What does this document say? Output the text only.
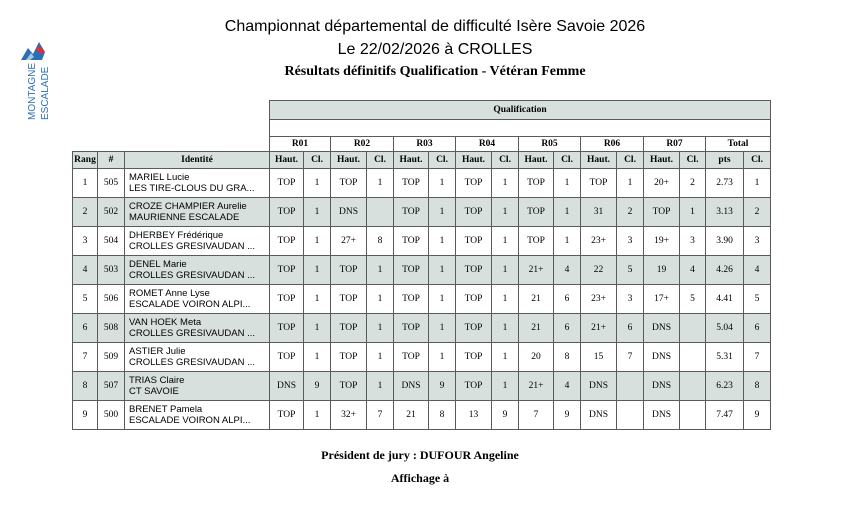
MONTAGNE ESCALADE
Championnat départemental de difficulté Isère Savoie 2026
Le 22/02/2026 à CROLLES
Résultats définitifs Qualification - Vétéran Femme
			Qualification															

			R01		R02		R03		R04		R05		R06		R07		Total	
Rang	#	Identité	Haut.	Cl.	Haut.	Cl.	Haut.	Cl.	Haut.	Cl.	Haut.	Cl.	Haut.	Cl.	Haut.	Cl.	pts	Cl.
1	505	MARIEL Lucie
LES TIRE-CLOUS DU GRA...	TOP	1	TOP	1	TOP	1	TOP	1	TOP	1	TOP	1	20+	2	2.73	1
2	502	CROZE CHAMPIER Aurelie
MAURIENNE ESCALADE	TOP	1	DNS		TOP	1	TOP	1	TOP	1	31	2	TOP	1	3.13	2
3	504	DHERBEY Frédérique
CROLLES GRESIVAUDAN ...	TOP	1	27+	8	TOP	1	TOP	1	TOP	1	23+	3	19+	3	3.90	3
4	503	DENEL Marie
CROLLES GRESIVAUDAN ...	TOP	1	TOP	1	TOP	1	TOP	1	21+	4	22	5	19	4	4.26	4
5	506	ROMET Anne Lyse
ESCALADE VOIRON ALPI...	TOP	1	TOP	1	TOP	1	TOP	1	21	6	23+	3	17+	5	4.41	5
6	508	VAN HOEK Meta
CROLLES GRESIVAUDAN ...	TOP	1	TOP	1	TOP	1	TOP	1	21	6	21+	6	DNS		5.04	6
7	509	ASTIER Julie
CROLLES GRESIVAUDAN ...	TOP	1	TOP	1	TOP	1	TOP	1	20	8	15	7	DNS		5.31	7
8	507	TRIAS Claire
CT SAVOIE	DNS	9	TOP	1	DNS	9	TOP	1	21+	4	DNS		DNS		6.23	8
9	500	BRENET Pamela
ESCALADE VOIRON ALPI...	TOP	1	32+	7	21	8	13	9	7	9	DNS		DNS		7.47	9
Président de jury : DUFOUR Angeline
Affichage à
